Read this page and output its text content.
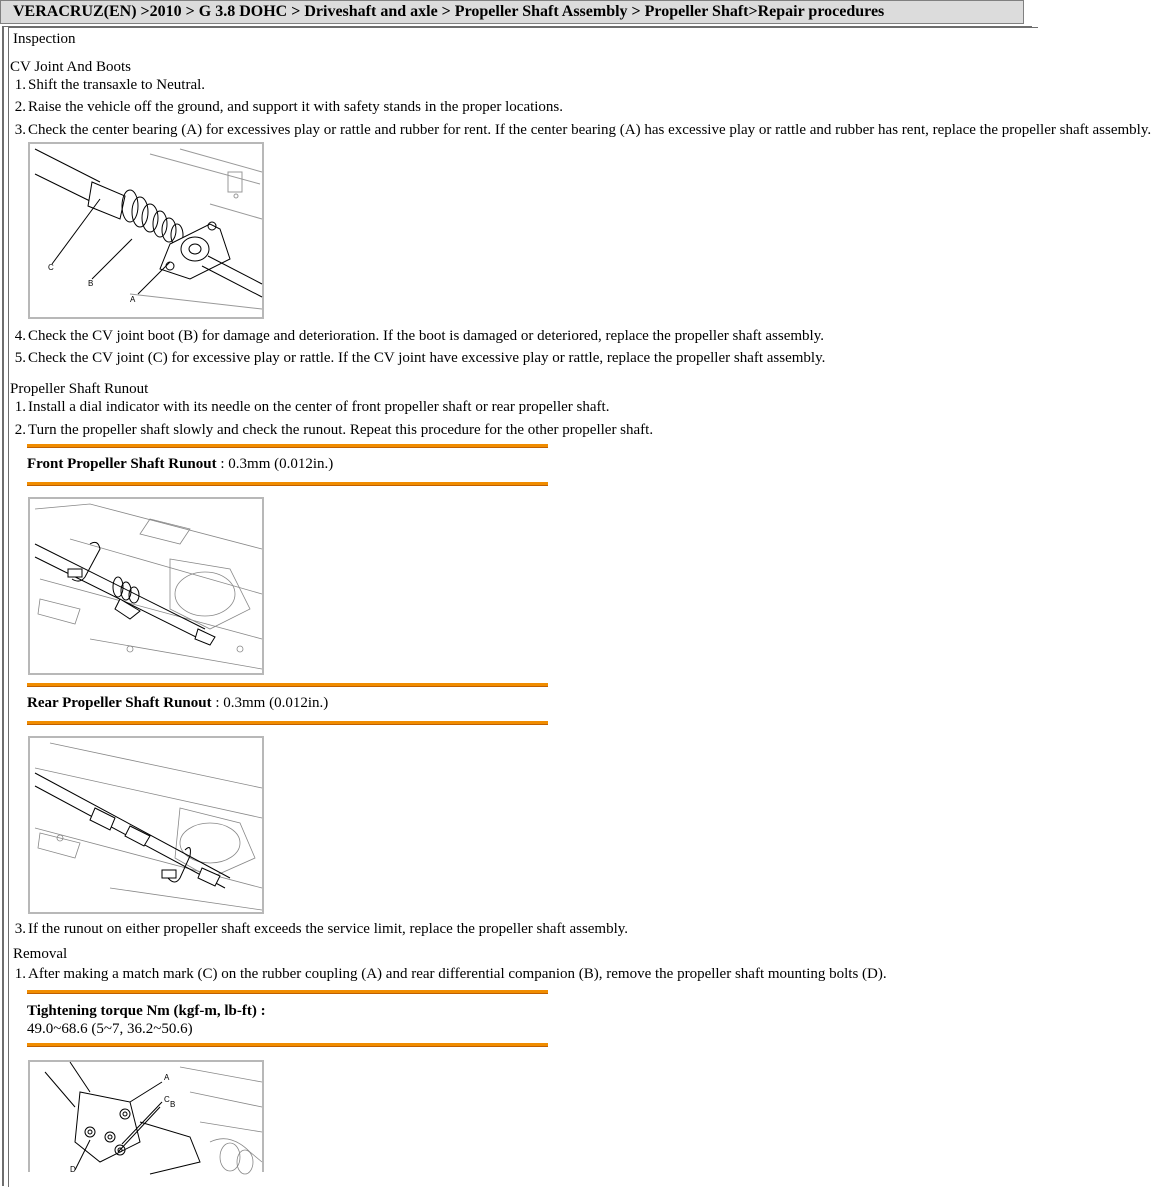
VERACRUZ(EN) >2010 > G 3.8 DOHC > Driveshaft and axle > Propeller Shaft Assembly > Propeller Shaft>Repair procedures
Inspection
CV Joint And Boots
1. Shift the transaxle to Neutral.
2. Raise the vehicle off the ground, and support it with safety stands in the proper locations.
3. Check the center bearing (A) for excessives play or rattle and rubber for rent. If the center bearing (A) has excessive play or rattle and rubber has rent, replace the propeller shaft assembly.
C
B
A
4. Check the CV joint boot (B) for damage and deterioration. If the boot is damaged or deteriored, replace the propeller shaft assembly.
5. Check the CV joint (C) for excessive play or rattle. If the CV joint have excessive play or rattle, replace the propeller shaft assembly.
Propeller Shaft Runout
1. Install a dial indicator with its needle on the center of front propeller shaft or rear propeller shaft.
2. Turn the propeller shaft slowly and check the runout. Repeat this procedure for the other propeller shaft.
Front Propeller Shaft Runout : 0.3mm (0.012in.)
Rear Propeller Shaft Runout : 0.3mm (0.012in.)
3. If the runout on either propeller shaft exceeds the service limit, replace the propeller shaft assembly.
Removal
1. After making a match mark (C) on the rubber coupling (A) and rear differential companion (B), remove the propeller shaft mounting bolts (D).
Tightening torque Nm (kgf-m, lb-ft) :
49.0~68.6 (5~7, 36.2~50.6)
A
C
B
D
